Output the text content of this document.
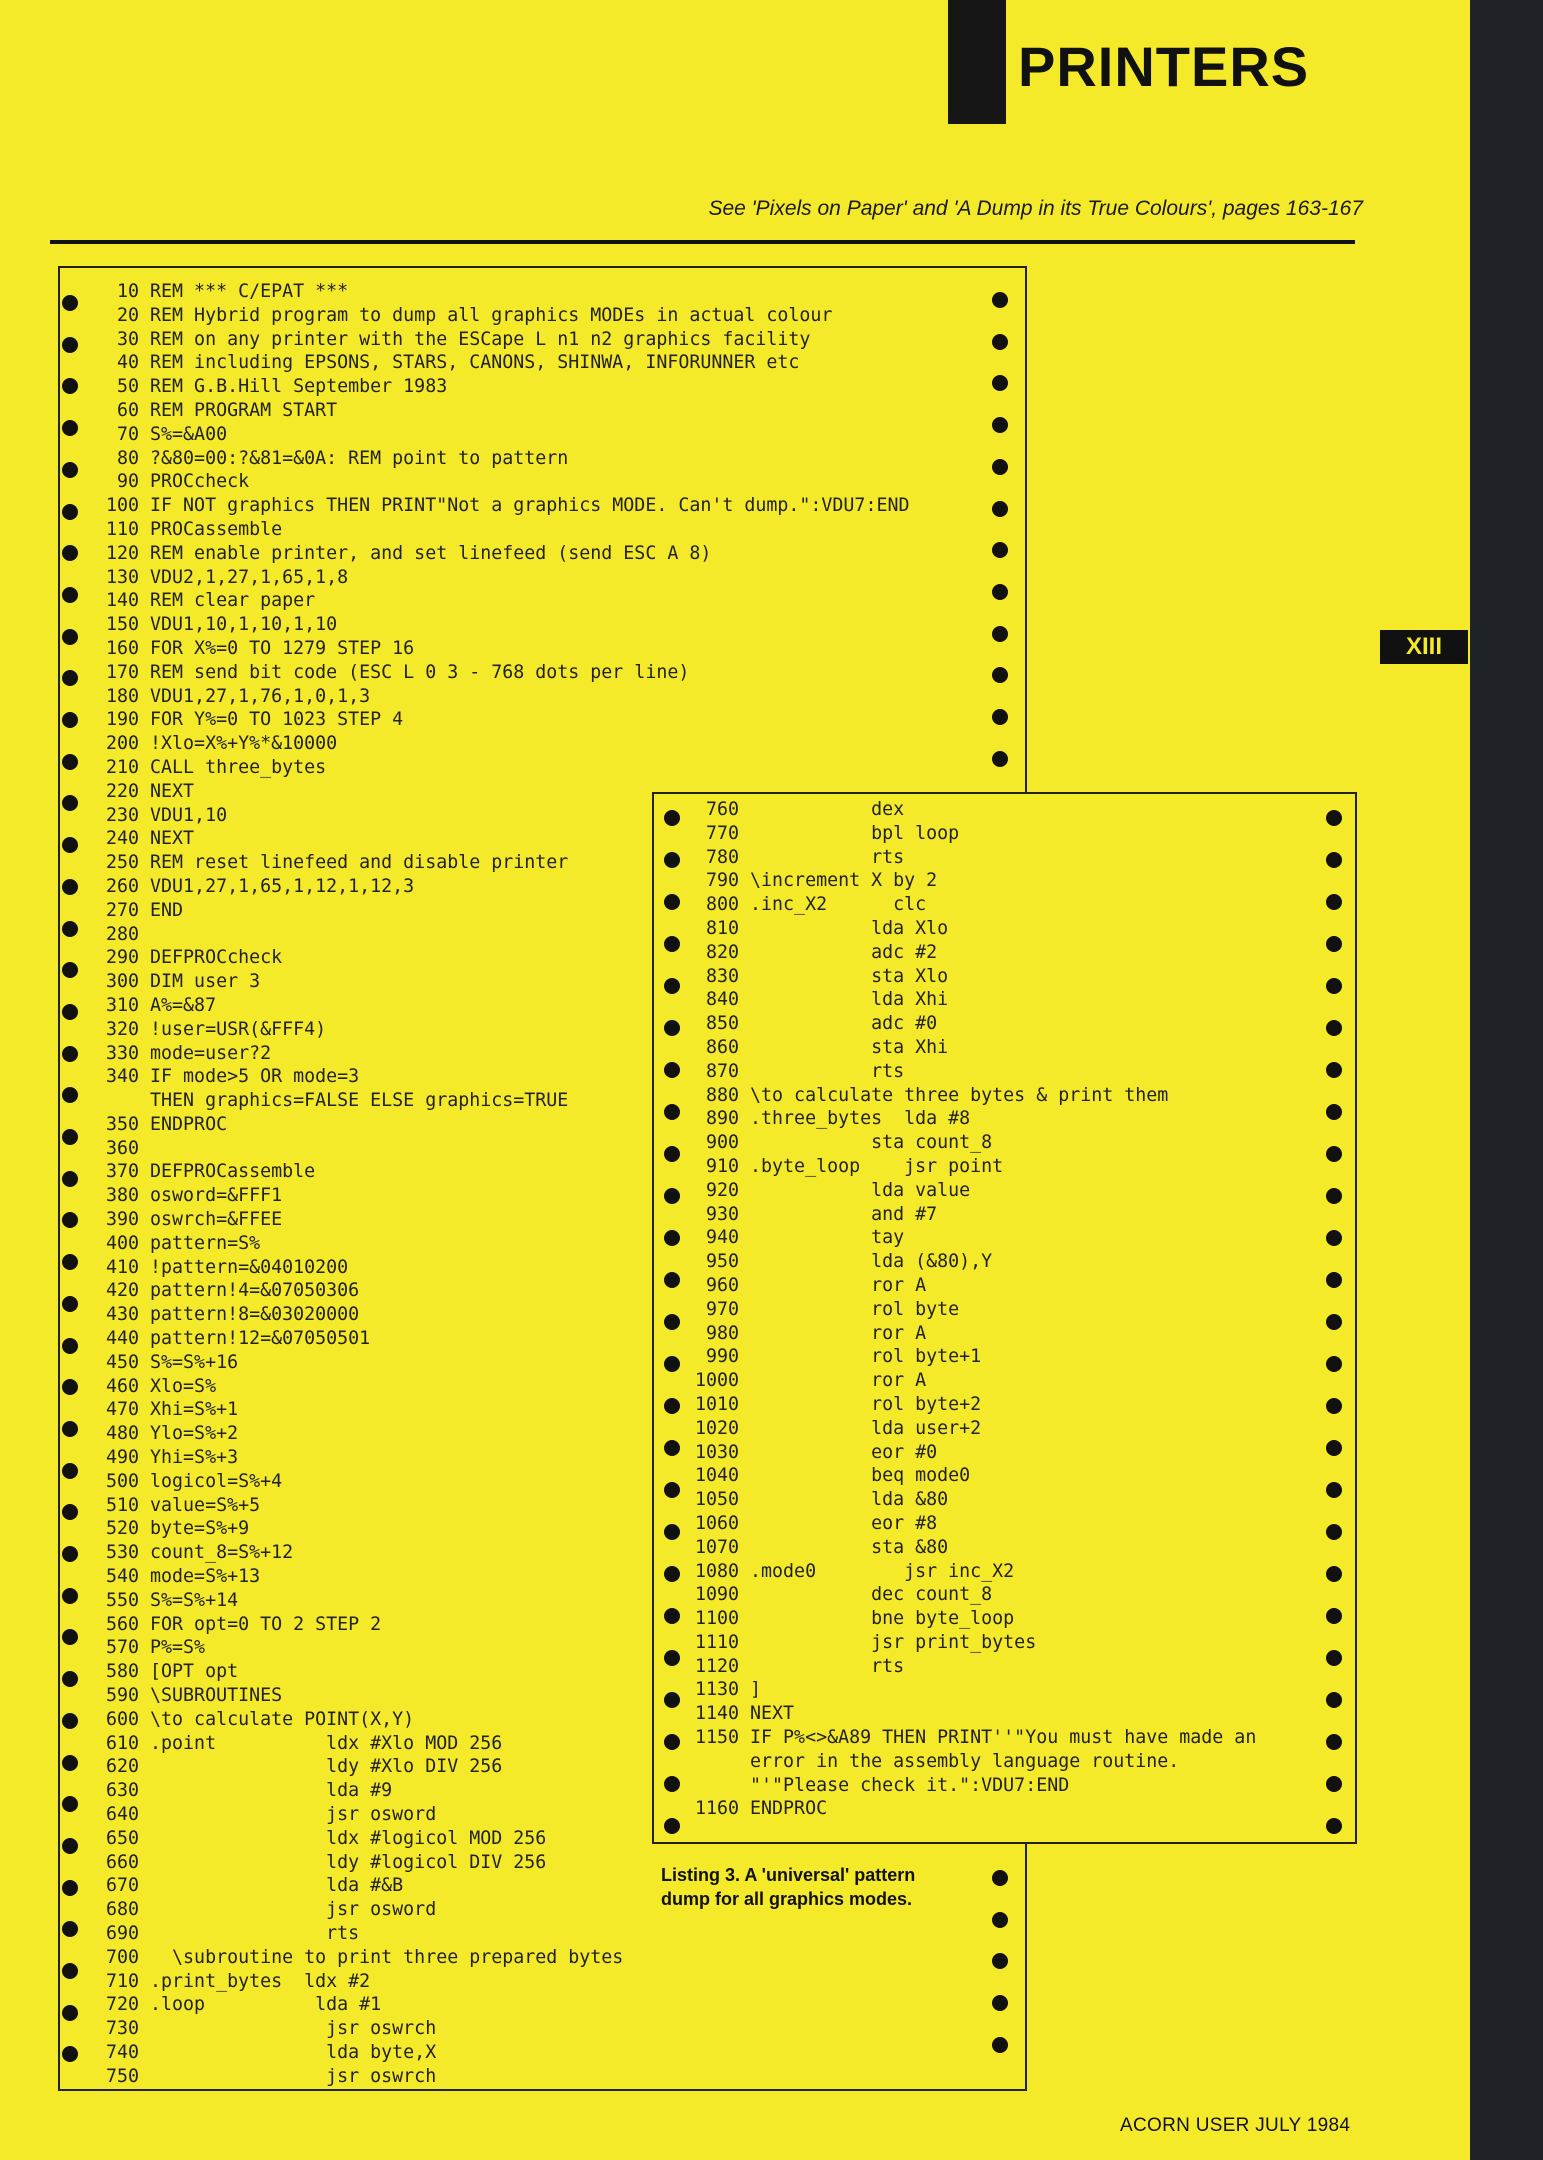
PRINTERS
See 'Pixels on Paper' and 'A Dump in its True Colours', pages 163-167
XIII
10 REM *** C/EPAT ***
20 REM Hybrid program to dump all graphics MODEs in actual colour
30 REM on any printer with the ESCape L n1 n2 graphics facility
40 REM including EPSONS, STARS, CANONS, SHINWA, INFORUNNER etc
50 REM G.B.Hill September 1983
60 REM PROGRAM START
70 S%=&A00
80 ?&80=00:?&81=&0A: REM point to pattern
90 PROCcheck
100 IF NOT graphics THEN PRINT"Not a graphics MODE. Can't dump.":VDU7:END
110 PROCassemble
120 REM enable printer, and set linefeed (send ESC A 8)
130 VDU2,1,27,1,65,1,8
140 REM clear paper
150 VDU1,10,1,10,1,10
160 FOR X%=0 TO 1279 STEP 16
170 REM send bit code (ESC L 0 3 - 768 dots per line)
180 VDU1,27,1,76,1,0,1,3
190 FOR Y%=0 TO 1023 STEP 4
200 !Xlo=X%+Y%*&10000
210 CALL three_bytes
220 NEXT
230 VDU1,10
240 NEXT
250 REM reset linefeed and disable printer
260 VDU1,27,1,65,1,12,1,12,3
270 END
280
290 DEFPROCcheck
300 DIM user 3
310 A%=&87
320 !user=USR(&FFF4)
330 mode=user?2
340 IF mode>5 OR mode=3
THEN graphics=FALSE ELSE graphics=TRUE
350 ENDPROC
360
370 DEFPROCassemble
380 osword=&FFF1
390 oswrch=&FFEE
400 pattern=S%
410 !pattern=&04010200
420 pattern!4=&07050306
430 pattern!8=&03020000
440 pattern!12=&07050501
450 S%=S%+16
460 Xlo=S%
470 Xhi=S%+1
480 Ylo=S%+2
490 Yhi=S%+3
500 logicol=S%+4
510 value=S%+5
520 byte=S%+9
530 count_8=S%+12
540 mode=S%+13
550 S%=S%+14
560 FOR opt=0 TO 2 STEP 2
570 P%=S%
580 [OPT opt
590 \SUBROUTINES
600 \to calculate POINT(X,Y)
610 .point          ldx #Xlo MOD 256
620                 ldy #Xlo DIV 256
630                 lda #9
640                 jsr osword
650                 ldx #logicol MOD 256
660                 ldy #logicol DIV 256
670                 lda #&B
680                 jsr osword
690                 rts
700   \subroutine to print three prepared bytes
710 .print_bytes  ldx #2
720 .loop          lda #1
730                 jsr oswrch
740                 lda byte,X
750                 jsr oswrch

760            dex
770            bpl loop
780            rts
790 \increment X by 2
800 .inc_X2      clc
810            lda Xlo
820            adc #2
830            sta Xlo
840            lda Xhi
850            adc #0
860            sta Xhi
870            rts
880 \to calculate three bytes & print them
890 .three_bytes  lda #8
900            sta count_8
910 .byte_loop    jsr point
920            lda value
930            and #7
940            tay
950            lda (&80),Y
960            ror A
970            rol byte
980            ror A
990            rol byte+1
1000            ror A
1010            rol byte+2
1020            lda user+2
1030            eor #0
1040            beq mode0
1050            lda &80
1060            eor #8
1070            sta &80
1080 .mode0        jsr inc_X2
1090            dec count_8
1100            bne byte_loop
1110            jsr print_bytes
1120            rts
1130 ]
1140 NEXT
1150 IF P%<>&A89 THEN PRINT''"You must have made an
error in the assembly language routine.
"'"Please check it.":VDU7:END
1160 ENDPROC

Listing 3. A 'universal' pattern dump for all graphics modes.
ACORN USER JULY 1984
